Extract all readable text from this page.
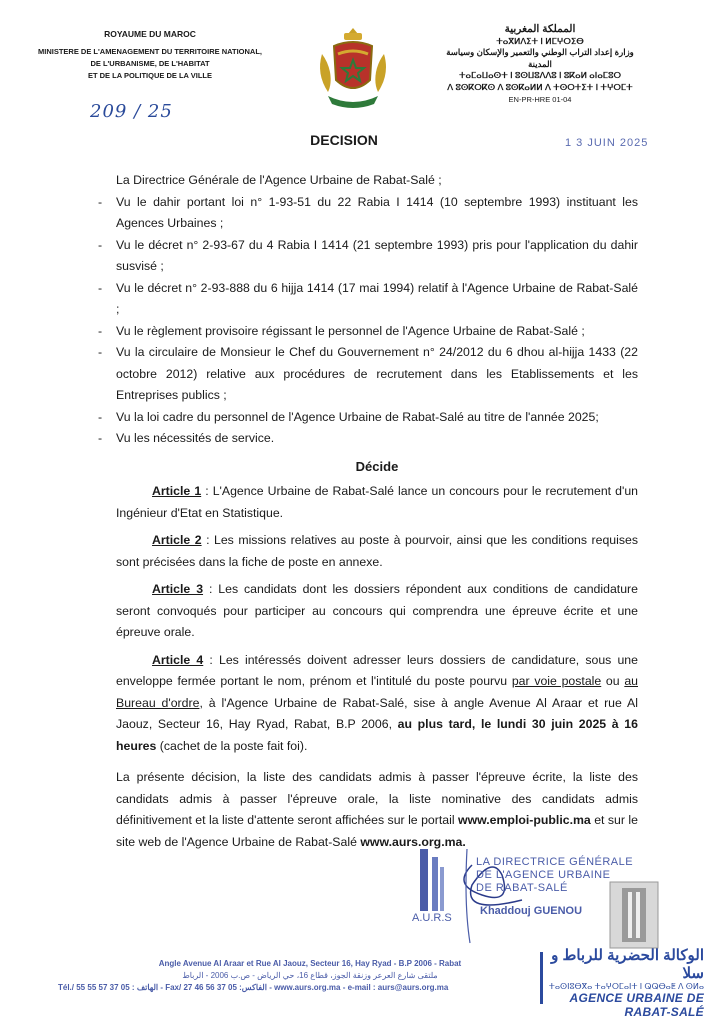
ROYAUME DU MAROC
MINISTERE DE L'AMENAGEMENT DU TERRITOIRE NATIONAL,
DE L'URBANISME, DE L'HABITAT
ET DE LA POLITIQUE DE LA VILLE
المملكة المغربية
ⵜⴰⴳⵍⴷⵉⵜ ⵏ ⵍⵎⵖⵔⵉⴱ
وزارة إعداد التراب الوطني والتعمير والإسكان وسياسة المدينة
ⵜⴰⵎⴰⵡⴰⵙⵜ ⵏ ⵓⵙⵡⵓⴷⴷⵓ ⵏ ⵓⴽⴰⵍ ⴰⵏⴰⵎⵓⵔ
ⴷ ⵓⵙⴽⵔⴽⵙ ⴷ ⵓⵙⴽⴰⵍⵍ ⴷ ⵜⵙⵔⵜⵉⵜ ⵏ ⵜⵖⵔⵎⵜ
EN-PR-HRE 01-04
209 / 25
DECISION	1 3 JUIN 2025

La Directrice Générale de l'Agence Urbaine de Rabat-Salé ;

- Vu le dahir portant loi n° 1-93-51 du 22 Rabia I 1414 (10 septembre 1993) instituant les Agences Urbaines ;

- Vu le décret n° 2-93-67 du 4 Rabia I 1414 (21 septembre 1993) pris pour l'application du dahir susvisé ;

- Vu le décret n° 2-93-888 du 6 hijja 1414 (17 mai 1994) relatif à l'Agence Urbaine de Rabat-Salé ;

- Vu le règlement provisoire régissant le personnel de l'Agence Urbaine de Rabat-Salé ;

- Vu la circulaire de Monsieur le Chef du Gouvernement n° 24/2012 du 6 dhou al-hijja 1433 (22 octobre 2012) relative aux procédures de recrutement dans les Etablissements et les Entreprises publics ;

- Vu la loi cadre du personnel de l'Agence Urbaine de Rabat-Salé au titre de l'année 2025;

- Vu les nécessités de service.

Décide

Article 1 : L'Agence Urbaine de Rabat-Salé lance un concours pour le recrutement d'un Ingénieur d'Etat en Statistique.

Article 2 : Les missions relatives au poste à pourvoir, ainsi que les conditions requises sont précisées dans la fiche de poste en annexe.

Article 3 : Les candidats dont les dossiers répondent aux conditions de candidature seront convoqués pour participer au concours qui comprendra une épreuve écrite et une épreuve orale.

Article 4 : Les intéressés doivent adresser leurs dossiers de candidature, sous une enveloppe fermée portant le nom, prénom et l'intitulé du poste pourvu par voie postale ou au Bureau d'ordre, à l'Agence Urbaine de Rabat-Salé, sise à angle Avenue Al Araar et rue Al Jaouz, Secteur 16, Hay Ryad, Rabat, B.P 2006, au plus tard, le lundi 30 juin 2025 à 16 heures (cachet de la poste fait foi).

La présente décision, la liste des candidats admis à passer l'épreuve écrite, la liste des candidats admis à passer l'épreuve orale, la liste nominative des candidats admis définitivement et la liste d'attente seront affichées sur le portail www.emploi-public.ma et sur le site web de l'Agence Urbaine de Rabat-Salé www.aurs.org.ma.

LA DIRECTRICE GÉNÉRALE
DE L'AGENCE URBAINE
DE RABAT-SALÉ
Khaddouj GUENOU
A.U.R.S
Angle Avenue Al Araar et Rue Al Jaouz, Secteur 16, Hay Ryad - B.P 2006 - Rabat
ملتقى شارع العرعر وزنقة الجوز، قطاع 16، حي الرياض - ص.ب 2006 - الرباط
Tél./ الهاتف : 05 37 57 55 55 - Fax/ الفاكس: 05 37 56 46 27 - www.aurs.org.ma - e-mail : aurs@aurs.org.ma
الوكالة الحضرية للرباط و سلا
ⵜⴰⵙⵏⵓⴱⴳⴰ ⵜⴰⵖⵔⵎⴰⵏⵜ ⵏ ⵕⵕⴱⴰⵟ ⴷ ⵙⵍⴰ
AGENCE URBAINE DE RABAT-SALÉ
